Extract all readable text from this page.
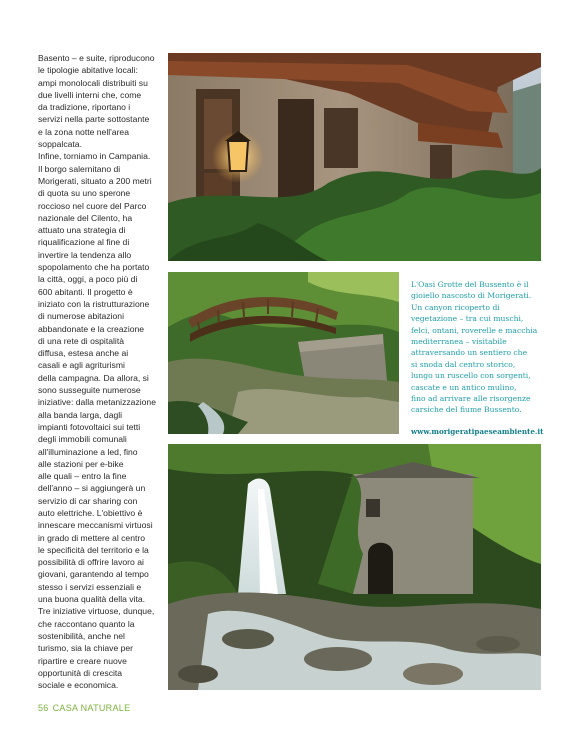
Basento – e suite, riproducono
le tipologie abitative locali:
ampi monolocali distribuiti su
due livelli interni che, come
da tradizione, riportano i
servizi nella parte sottostante
e la zona notte nell'area
soppalcata.
Infine, torniamo in Campania.
Il borgo salernitano di
Morigerati, situato a 200 metri
di quota su uno sperone
roccioso nel cuore del Parco
nazionale del Cilento, ha
attuato una strategia di
riqualificazione al fine di
invertire la tendenza allo
spopolamento che ha portato
la città, oggi, a poco più di
600 abitanti. Il progetto è
iniziato con la ristrutturazione
di numerose abitazioni
abbandonate e la creazione
di una rete di ospitalità
diffusa, estesa anche ai
casali e agli agriturismi
della campagna. Da allora, si
sono susseguite numerose
iniziative: dalla metanizzazione
alla banda larga, dagli
impianti fotovoltaici sui tetti
degli immobili comunali
all'illuminazione a led, fino
alle stazioni per e-bike
alle quali – entro la fine
dell'anno – si aggiungerà un
servizio di car sharing con
auto elettriche. L'obiettivo è
innescare meccanismi virtuosi
in grado di mettere al centro
le specificità del territorio e la
possibilità di offrire lavoro ai
giovani, garantendo al tempo
stesso i servizi essenziali e
una buona qualità della vita.
Tre iniziative virtuose, dunque,
che raccontano quanto la
sostenibilità, anche nel
turismo, sia la chiave per
ripartire e creare nuove
opportunità di crescita
sociale e economica.
L'Oasi Grotte del Bussento è il
gioiello nascosto di Morigerati.
Un canyon ricoperto di
vegetazione – tra cui muschi,
felci, ontani, roverelle e macchia
mediterranea – visitabile
attraversando un sentiero che
si snoda dal centro storico,
lungo un ruscello con sorgenti,
cascate e un antico mulino,
fino ad arrivare alle risorgenze
carsiche del fiume Bussento.
www.morigeratipaeseambiente.it
56 CASA NATURALE
